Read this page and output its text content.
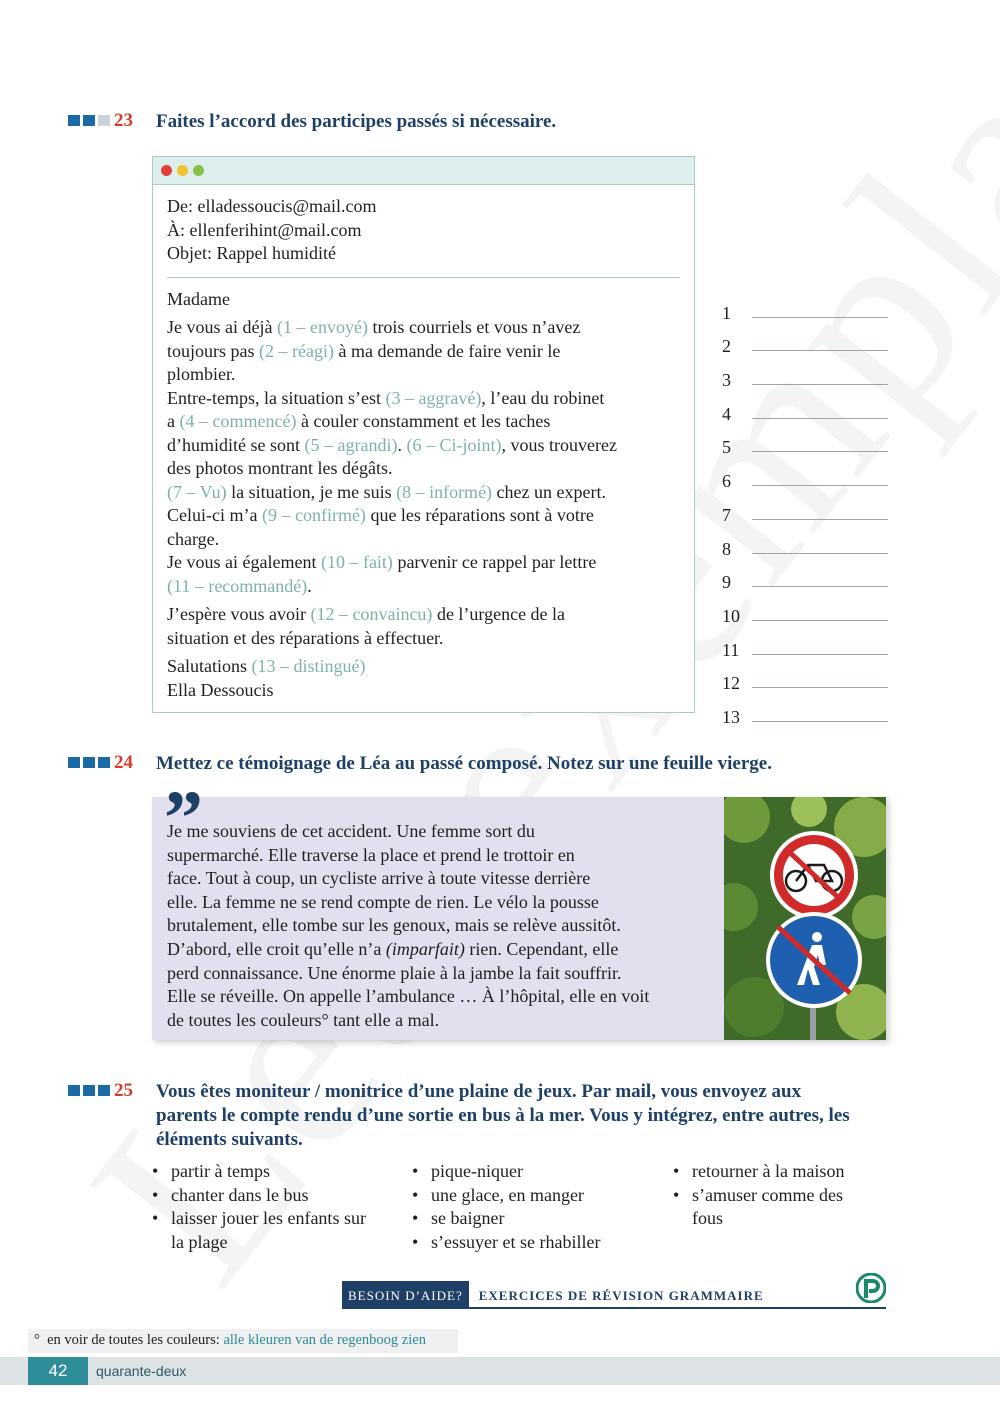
23	Faites l’accord des participes passés si nécessaire.
De: elladessoucis@mail.com
À: ellenferihint@mail.com
Objet: Rappel humidité
Madame
Je vous ai déjà (1 – envoyé) trois courriels et vous n’avez
toujours pas (2 – réagi) à ma demande de faire venir le
plombier.
Entre-temps, la situation s’est (3 – aggravé), l’eau du robinet
a (4 – commencé) à couler constamment et les taches
d’humidité se sont (5 – agrandi). (6 – Ci-joint), vous trouverez
des photos montrant les dégâts.
(7 – Vu) la situation, je me suis (8 – informé) chez un expert.
Celui-ci m’a (9 – confirmé) que les réparations sont à votre
charge.
Je vous ai également (10 – fait) parvenir ce rappel par lettre
(11 – recommandé).
J’espère vous avoir (12 – convaincu) de l’urgence de la
situation et des réparations à effectuer.
Salutations (13 – distingué)
Ella Dessoucis
1
2
3
4
5
6
7
8
9
10
11
12
13
24	Mettez ce témoignage de Léa au passé composé. Notez sur une feuille vierge.
”
Je me souviens de cet accident. Une femme sort du
supermarché. Elle traverse la place et prend le trottoir en
face. Tout à coup, un cycliste arrive à toute vitesse derrière
elle. La femme ne se rend compte de rien. Le vélo la pousse
brutalement, elle tombe sur les genoux, mais se relève aussitôt.
D’abord, elle croit qu’elle n’a (imparfait) rien. Cependant, elle
perd connaissance. Une énorme plaie à la jambe la fait souffrir.
Elle se réveille. On appelle l’ambulance … À l’hôpital, elle en voit
de toutes les couleurs° tant elle a mal.
25	Vous êtes moniteur / monitrice d’une plaine de jeux. Par mail, vous envoyez aux
parents le compte rendu d’une sortie en bus à la mer. Vous y intégrez, entre autres, les
éléments suivants.
• partir à temps
• chanter dans le bus
• laisser jouer les enfants sur la plage
• pique-niquer
• une glace, en manger
• se baigner
• s’essuyer et se rhabiller
• retourner à la maison
• s’amuser comme des fous
BESOIN D’AIDE?	EXERCICES DE RÉVISION GRAMMAIRE
° en voir de toutes les couleurs: alle kleuren van de regenboog zien
42	quarante-deux
